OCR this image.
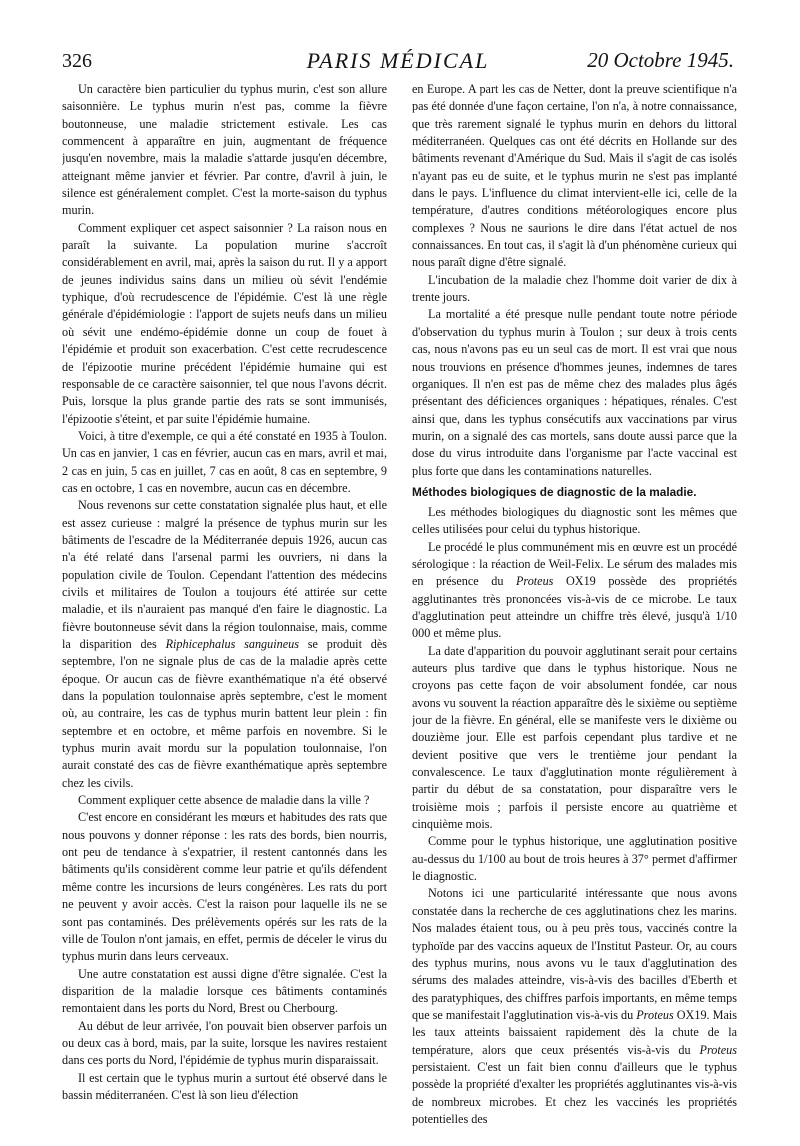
326	PARIS MÉDICAL	20 Octobre 1945.

Un caractère bien particulier du typhus murin, c'est son allure saisonnière. Le typhus murin n'est pas, comme la fièvre boutonneuse, une maladie strictement estivale. Les cas commencent à apparaître en juin, augmentant de fréquence jusqu'en novembre, mais la maladie s'attarde jusqu'en décembre, atteignant même janvier et février. Par contre, d'avril à juin, le silence est généralement complet. C'est la morte-saison du typhus murin.

Comment expliquer cet aspect saisonnier ? La raison nous en paraît la suivante. La population murine s'accroît considérablement en avril, mai, après la saison du rut. Il y a apport de jeunes individus sains dans un milieu où sévit l'endémie typhique, d'où recrudescence de l'épidémie. C'est là une règle générale d'épidémiologie : l'apport de sujets neufs dans un milieu où sévit une endémo-épidémie donne un coup de fouet à l'épidémie et produit son exacerbation. C'est cette recrudescence de l'épizootie murine précédent l'épidémie humaine qui est responsable de ce caractère saisonnier, tel que nous l'avons décrit. Puis, lorsque la plus grande partie des rats se sont immunisés, l'épizootie s'éteint, et par suite l'épidémie humaine.

Voici, à titre d'exemple, ce qui a été constaté en 1935 à Toulon. Un cas en janvier, 1 cas en février, aucun cas en mars, avril et mai, 2 cas en juin, 5 cas en juillet, 7 cas en août, 8 cas en septembre, 9 cas en octobre, 1 cas en novembre, aucun cas en décembre.

Nous revenons sur cette constatation signalée plus haut, et elle est assez curieuse : malgré la présence de typhus murin sur les bâtiments de l'escadre de la Méditerranée depuis 1926, aucun cas n'a été relaté dans l'arsenal parmi les ouvriers, ni dans la population civile de Toulon. Cependant l'attention des médecins civils et militaires de Toulon a toujours été attirée sur cette maladie, et ils n'auraient pas manqué d'en faire le diagnostic. La fièvre boutonneuse sévit dans la région toulonnaise, mais, comme la disparition des Riphicephalus sanguineus se produit dès septembre, l'on ne signale plus de cas de la maladie après cette époque. Or aucun cas de fièvre exanthématique n'a été observé dans la population toulonnaise après septembre, c'est le moment où, au contraire, les cas de typhus murin battent leur plein : fin septembre et en octobre, et même parfois en novembre. Si le typhus murin avait mordu sur la population toulonnaise, l'on aurait constaté des cas de fièvre exanthématique après septembre chez les civils.

Comment expliquer cette absence de maladie dans la ville ?

C'est encore en considérant les mœurs et habitudes des rats que nous pouvons y donner réponse : les rats des bords, bien nourris, ont peu de tendance à s'expatrier, il restent cantonnés dans les bâtiments qu'ils considèrent comme leur patrie et qu'ils défendent même contre les incursions de leurs congénères. Les rats du port ne peuvent y avoir accès. C'est la raison pour laquelle ils ne se sont pas contaminés. Des prélèvements opérés sur les rats de la ville de Toulon n'ont jamais, en effet, permis de déceler le virus du typhus murin dans leurs cerveaux.

Une autre constatation est aussi digne d'être signalée. C'est la disparition de la maladie lorsque ces bâtiments contaminés remontaient dans les ports du Nord, Brest ou Cherbourg.

Au début de leur arrivée, l'on pouvait bien observer parfois un ou deux cas à bord, mais, par la suite, lorsque les navires restaient dans ces ports du Nord, l'épidémie de typhus murin disparaissait.

Il est certain que le typhus murin a surtout été observé dans le bassin méditerranéen. C'est là son lieu d'élection

en Europe. A part les cas de Netter, dont la preuve scientifique n'a pas été donnée d'une façon certaine, l'on n'a, à notre connaissance, que très rarement signalé le typhus murin en dehors du littoral méditerranéen. Quelques cas ont été décrits en Hollande sur des bâtiments revenant d'Amérique du Sud. Mais il s'agit de cas isolés n'ayant pas eu de suite, et le typhus murin ne s'est pas implanté dans le pays. L'influence du climat intervient-elle ici, celle de la température, d'autres conditions météorologiques encore plus complexes ? Nous ne saurions le dire dans l'état actuel de nos connaissances. En tout cas, il s'agit là d'un phénomène curieux qui nous paraît digne d'être signalé.

L'incubation de la maladie chez l'homme doit varier de dix à trente jours.

La mortalité a été presque nulle pendant toute notre période d'observation du typhus murin à Toulon ; sur deux à trois cents cas, nous n'avons pas eu un seul cas de mort. Il est vrai que nous nous trouvions en présence d'hommes jeunes, indemnes de tares organiques. Il n'en est pas de même chez des malades plus âgés présentant des déficiences organiques : hépatiques, rénales. C'est ainsi que, dans les typhus consécutifs aux vaccinations par virus murin, on a signalé des cas mortels, sans doute aussi parce que la dose du virus introduite dans l'organisme par l'acte vaccinal est plus forte que dans les contaminations naturelles.

Méthodes biologiques de diagnostic de la maladie.

Les méthodes biologiques du diagnostic sont les mêmes que celles utilisées pour celui du typhus historique.

Le procédé le plus communément mis en œuvre est un procédé sérologique : la réaction de Weil-Felix. Le sérum des malades mis en présence du Proteus OX19 possède des propriétés agglutinantes très prononcées vis-à-vis de ce microbe. Le taux d'agglutination peut atteindre un chiffre très élevé, jusqu'à 1/10 000 et même plus.

La date d'apparition du pouvoir agglutinant serait pour certains auteurs plus tardive que dans le typhus historique. Nous ne croyons pas cette façon de voir absolument fondée, car nous avons vu souvent la réaction apparaître dès le sixième ou septième jour de la fièvre. En général, elle se manifeste vers le dixième ou douzième jour. Elle est parfois cependant plus tardive et ne devient positive que vers le trentième jour pendant la convalescence. Le taux d'agglutination monte régulièrement à partir du début de sa constatation, pour disparaître vers le troisième mois ; parfois il persiste encore au quatrième et cinquième mois.

Comme pour le typhus historique, une agglutination positive au-dessus du 1/100 au bout de trois heures à 37° permet d'affirmer le diagnostic.

Notons ici une particularité intéressante que nous avons constatée dans la recherche de ces agglutinations chez les marins. Nos malades étaient tous, ou à peu près tous, vaccinés contre la typhoïde par des vaccins aqueux de l'Institut Pasteur. Or, au cours des typhus murins, nous avons vu le taux d'agglutination des sérums des malades atteindre, vis-à-vis des bacilles d'Eberth et des paratyphiques, des chiffres parfois importants, en même temps que se manifestait l'agglutination vis-à-vis du Proteus OX19. Mais les taux atteints baissaient rapidement dès la chute de la température, alors que ceux présentés vis-à-vis du Proteus persistaient. C'est un fait bien connu d'ailleurs que le typhus possède la propriété d'exalter les propriétés agglutinantes vis-à-vis de nombreux microbes. Et chez les vaccinés les propriétés potentielles des
